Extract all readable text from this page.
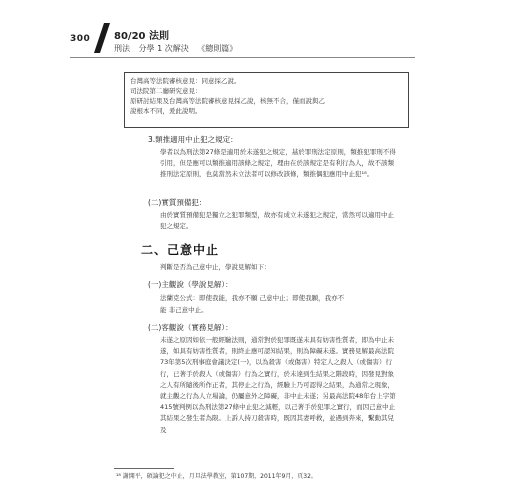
300 80/20 法則
刑法 分學 1 次解決 《總則篇》

台灣高等法院審核意見：同意採乙說。

司法院第二廳研究意見：

原研討結果及台灣高等法院審核意見採乙說，核無不合，僅而說與乙

說根本不同，爰此說明。

3.類推適用中止犯之規定：

學者以為刑法第27條是適用於未遂犯之規定，基於罪刑法定原則，類推犯罪刑不得引用，但是應可以類推適用該條之規定，理由在於該規定是有利行為人，故不該類推刑法定原則，也莫當然未立法者可以修改該條，類推偶犯應用中止犯¹⁸。

(二)實質預備犯：

由於實質預備犯是獨立之犯罪類型，故亦有成立未遂犯之規定，當然可以適用中止犯之規定。

二、己意中止
判斷是否為己意中止，學說見解如下：
(一)主觀說（學說見解）：
法蘭克公式：即使我能，我亦不願 己意中止；即使我願，我亦不
能 非己意中止。
(二)客觀說（實務見解）：

未遂之原因如依一般經驗法則，通常對於犯罪既遂未具有妨害性質者，即為中止未遂，如具有妨害性質者，則終止應可認知結果，則為障礙未遂。實務見解最高法院73年第5次刑事庭會議決定(一)，以為殺害（或傷害）特定人之殺人（或傷害）行行，已著手於殺人（或傷害）行為之實行，於未達到生結果之階段時，因發見對象之人有所隨後所作正者，其停止之行為，經驗上乃可認得之結果，為通常之現象，就主觀之行為人立場論，仍屬意外之障礙，非中止未遂；另最高法院48年台上字第415號判例以為刑法第27條中止犯之減輕，以己著手於犯罪之實行，而因己意中止其結果之發生者為限。上訴人持刀殺害時，既因其妻呼救，並遇到奔來，繫動其兒及

¹⁸ 謝開平，碩論犯之中止，月旦法學教室，第107期，2011年9月，頁32。
